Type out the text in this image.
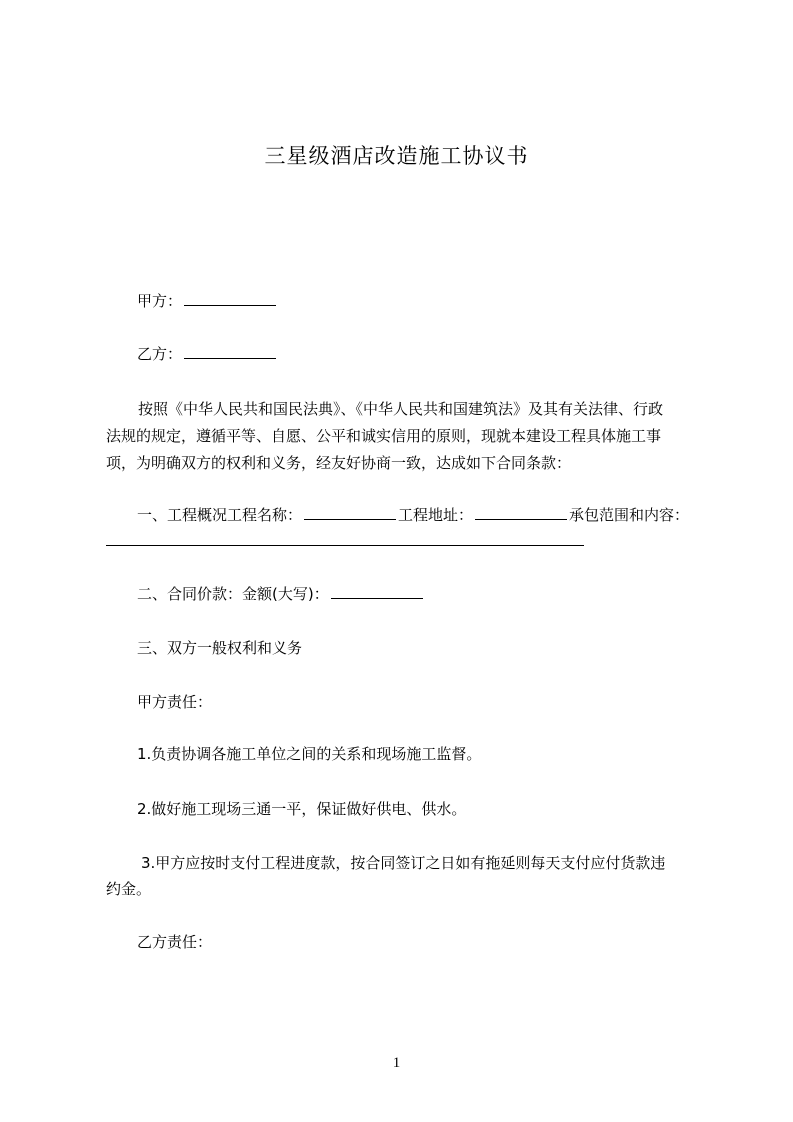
三星级酒店改造施工协议书
甲方：
乙方：
按照《中华人民共和国民法典》、《中华人民共和国建筑法》及其有关法律、行政
法规的规定，遵循平等、自愿、公平和诚实信用的原则，现就本建设工程具体施工事
项，为明确双方的权利和义务，经友好协商一致，达成如下合同条款：
一、工程概况工程名称：	工程地址：	承包范围和内容：
二、合同价款：金额(大写)：
三、双方一般权利和义务
甲方责任：
1.负责协调各施工单位之间的关系和现场施工监督。
2.做好施工现场三通一平，保证做好供电、供水。
3.甲方应按时支付工程进度款，按合同签订之日如有拖延则每天支付应付货款违
约金。
乙方责任：
1
